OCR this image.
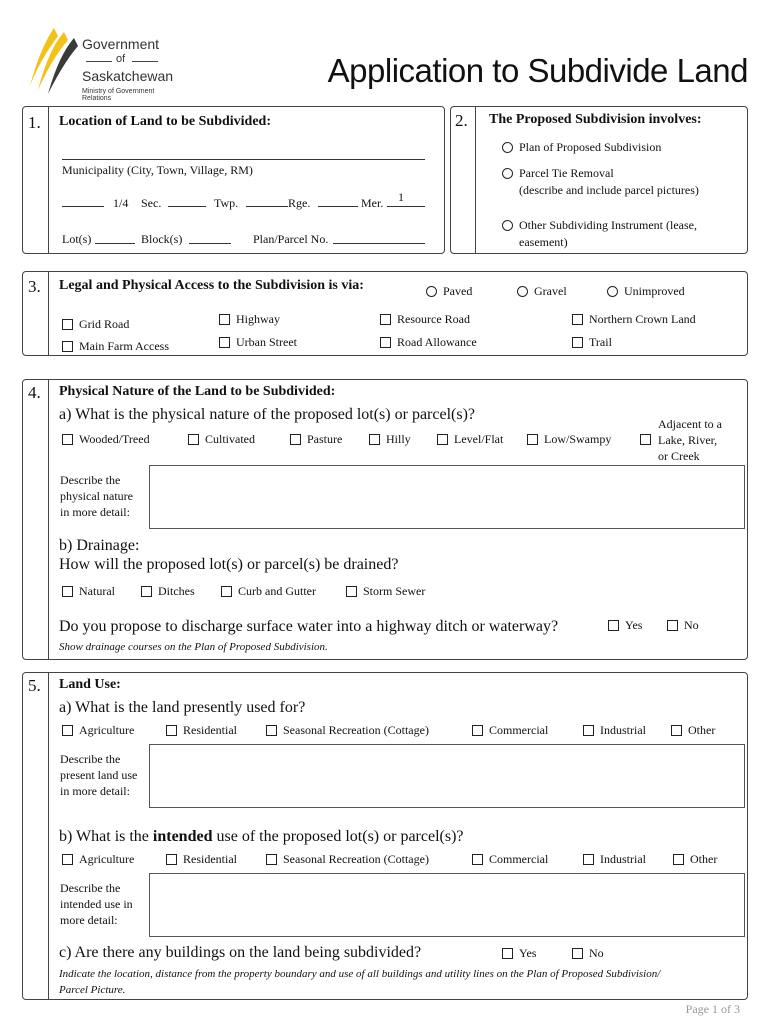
Government
of
Saskatchewan
Ministry of Government Relations
Application to Subdivide Land
1. Location of Land to be Subdivided:
Municipality (City, Town, Village, RM)
1/4 Sec.	Twp.	Rge.	Mer. 1
Lot(s)	Block(s)	Plan/Parcel No.
2. The Proposed Subdivision involves:
Plan of Proposed Subdivision
Parcel Tie Removal
(describe and include parcel pictures)
Other Subdividing Instrument (lease,
easement)
3. Legal and Physical Access to the Subdivision is via:	Paved	Gravel	Unimproved
Grid Road	Highway	Resource Road	Northern Crown Land
Main Farm Access	Urban Street	Road Allowance	Trail
4. Physical Nature of the Land to be Subdivided:
a) What is the physical nature of the proposed lot(s) or parcel(s)?
Wooded/Treed	Cultivated	Pasture	Hilly	Level/Flat	Low/Swampy
Adjacent to a
Lake, River,
or Creek
Describe the
physical nature
in more detail:
b) Drainage:
How will the proposed lot(s) or parcel(s) be drained?
Natural	Ditches	Curb and Gutter	Storm Sewer
Do you propose to discharge surface water into a highway ditch or waterway?	Yes	No
Show drainage courses on the Plan of Proposed Subdivision.
5. Land Use:
a) What is the land presently used for?
Agriculture	Residential	Seasonal Recreation (Cottage)	Commercial	Industrial	Other
Describe the
present land use
in more detail:
b) What is the intended use of the proposed lot(s) or parcel(s)?
Agriculture	Residential	Seasonal Recreation (Cottage)	Commercial	Industrial	Other
Describe the
intended use in
more detail:
c) Are there any buildings on the land being subdivided?	Yes	No
Indicate the location, distance from the property boundary and use of all buildings and utility lines on the Plan of Proposed Subdivision/
Parcel Picture.
Page 1 of 3
